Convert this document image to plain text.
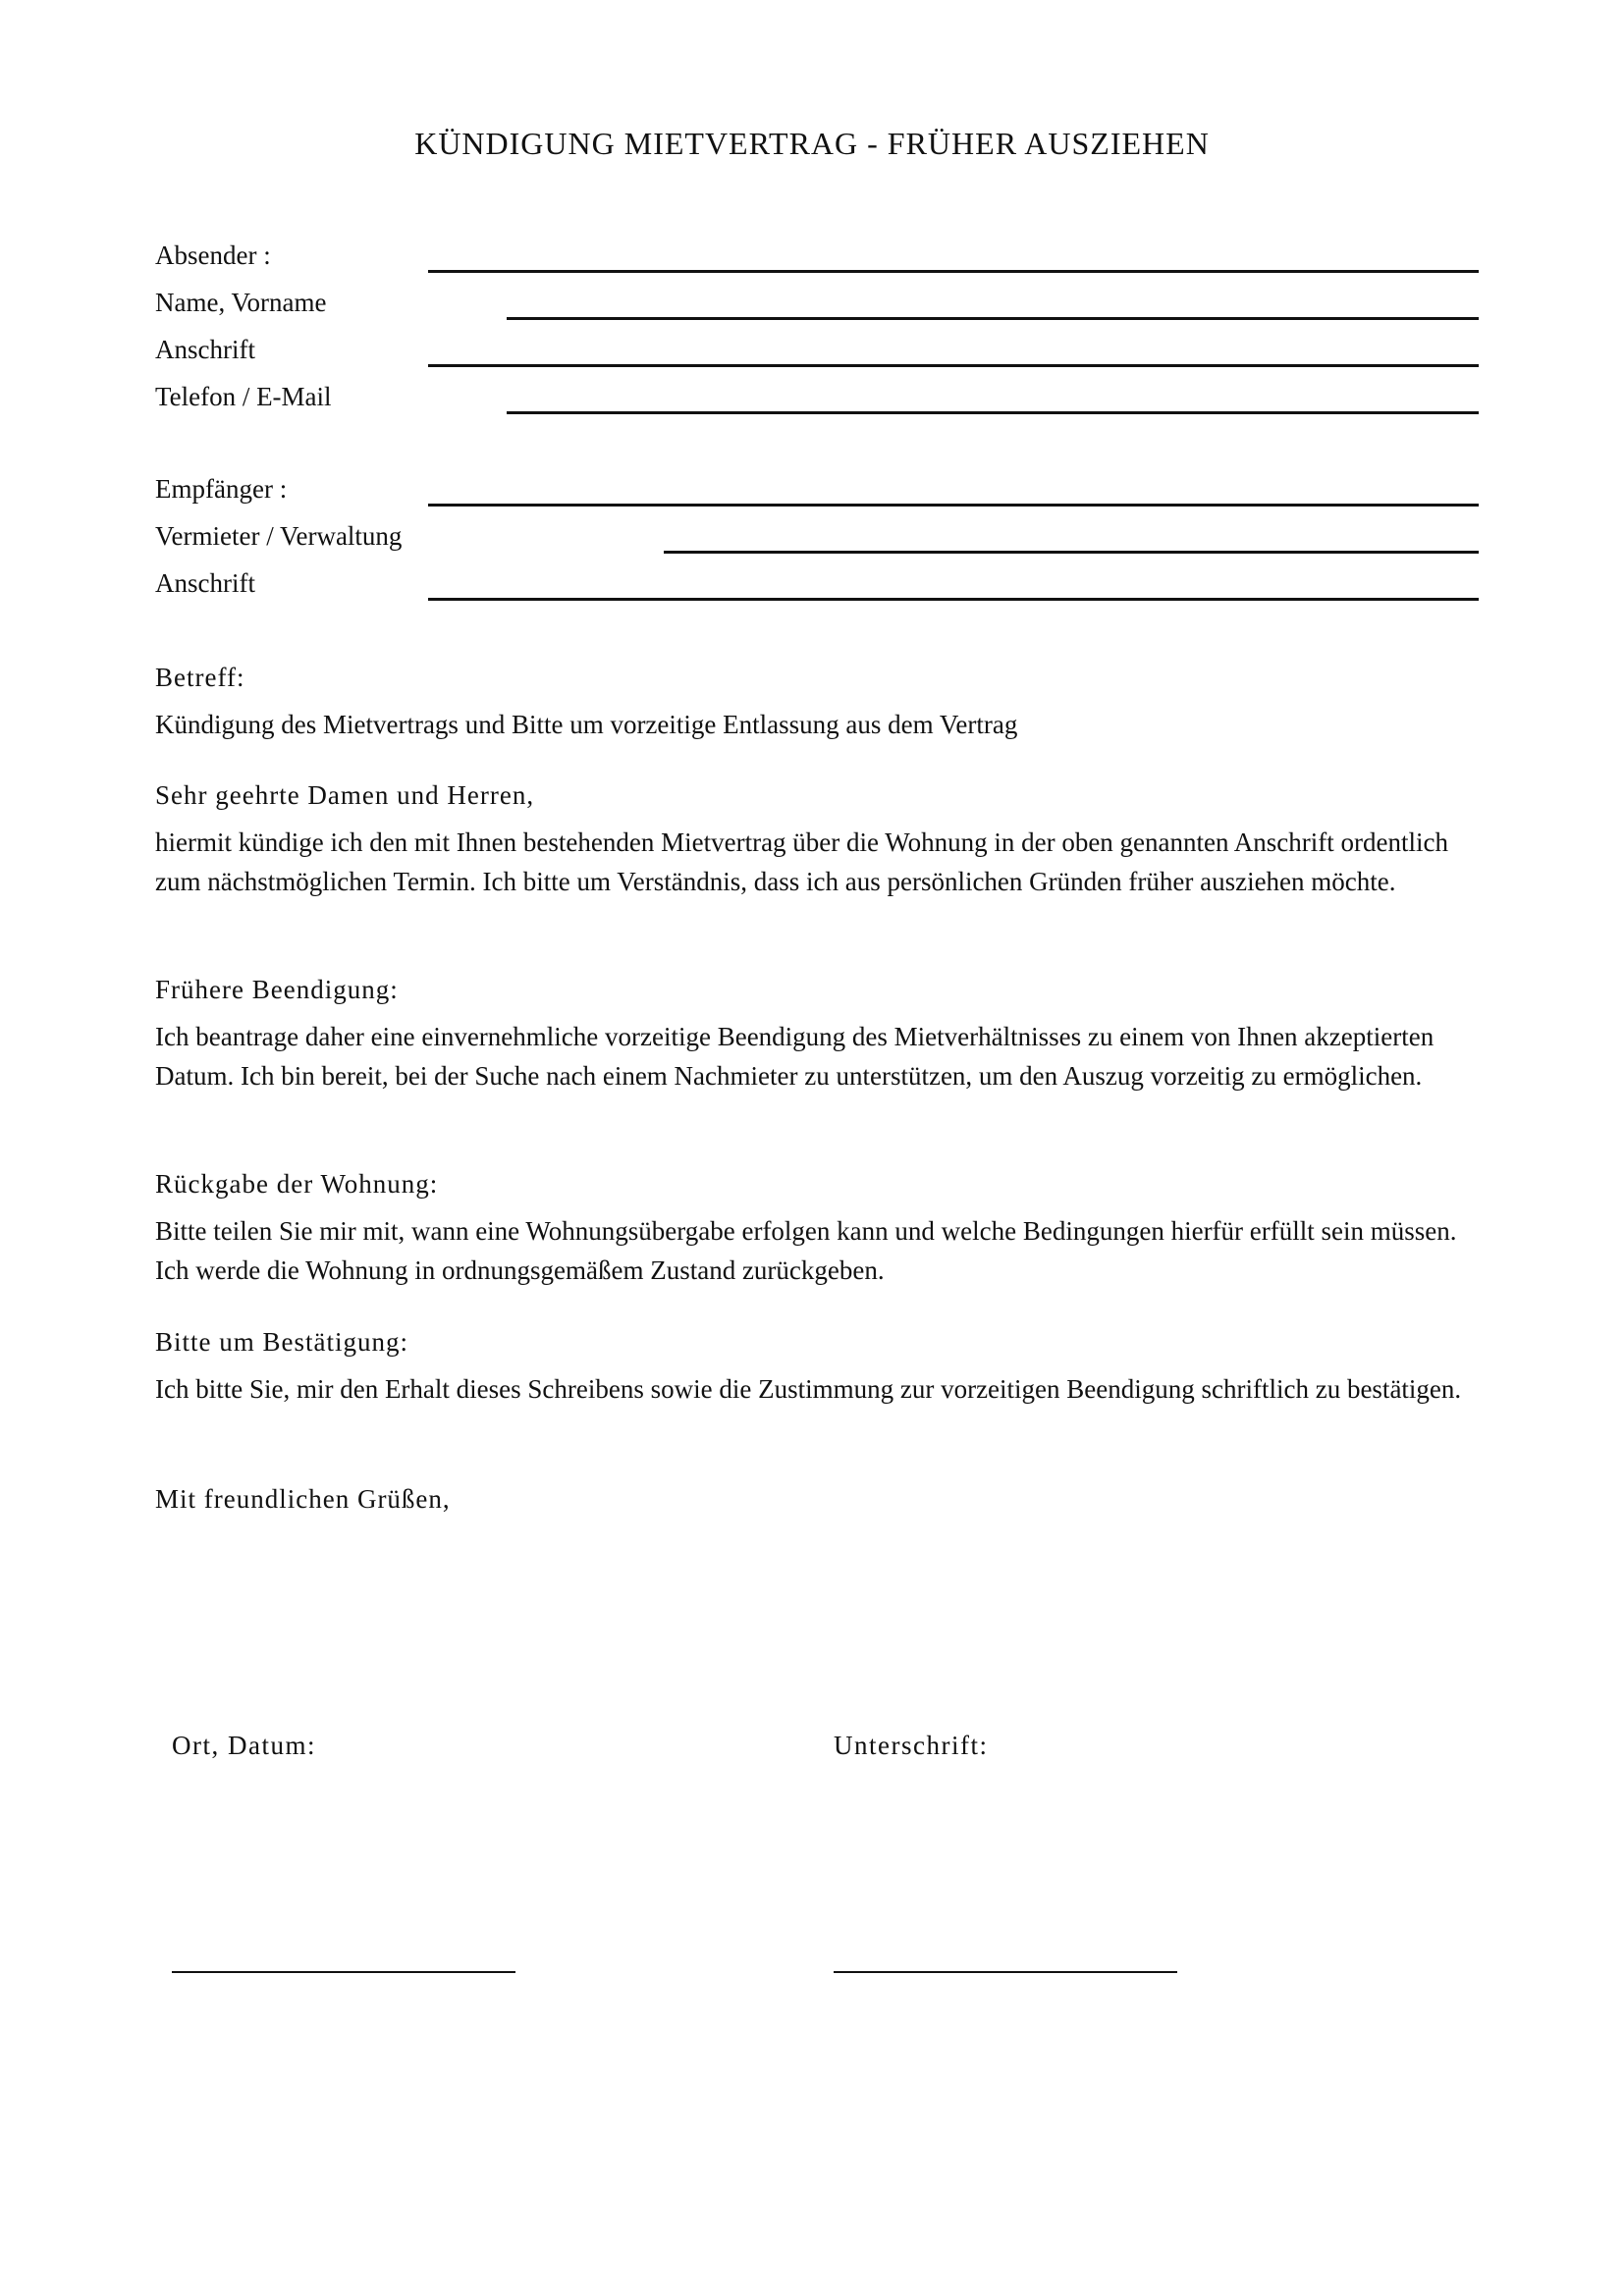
KÜNDIGUNG MIETVERTRAG - FRÜHER AUSZIEHEN
Absender :
Name, Vorname
Anschrift
Telefon / E-Mail
Empfänger :
Vermieter / Verwaltung
Anschrift
Betreff:
Kündigung des Mietvertrags und Bitte um vorzeitige Entlassung aus dem Vertrag
Sehr geehrte Damen und Herren,
hiermit kündige ich den mit Ihnen bestehenden Mietvertrag über die Wohnung in der oben genannten Anschrift ordentlich zum nächstmöglichen Termin. Ich bitte um Verständnis, dass ich aus persönlichen Gründen früher ausziehen möchte.
Frühere Beendigung:
Ich beantrage daher eine einvernehmliche vorzeitige Beendigung des Mietverhältnisses zu einem von Ihnen akzeptierten Datum. Ich bin bereit, bei der Suche nach einem Nachmieter zu unterstützen, um den Auszug vorzeitig zu ermöglichen.
Rückgabe der Wohnung:
Bitte teilen Sie mir mit, wann eine Wohnungsübergabe erfolgen kann und welche Bedingungen hierfür erfüllt sein müssen. Ich werde die Wohnung in ordnungsgemäßem Zustand zurückgeben.
Bitte um Bestätigung:
Ich bitte Sie, mir den Erhalt dieses Schreibens sowie die Zustimmung zur vorzeitigen Beendigung schriftlich zu bestätigen.
Mit freundlichen Grüßen,
Ort, Datum:	Unterschrift:
